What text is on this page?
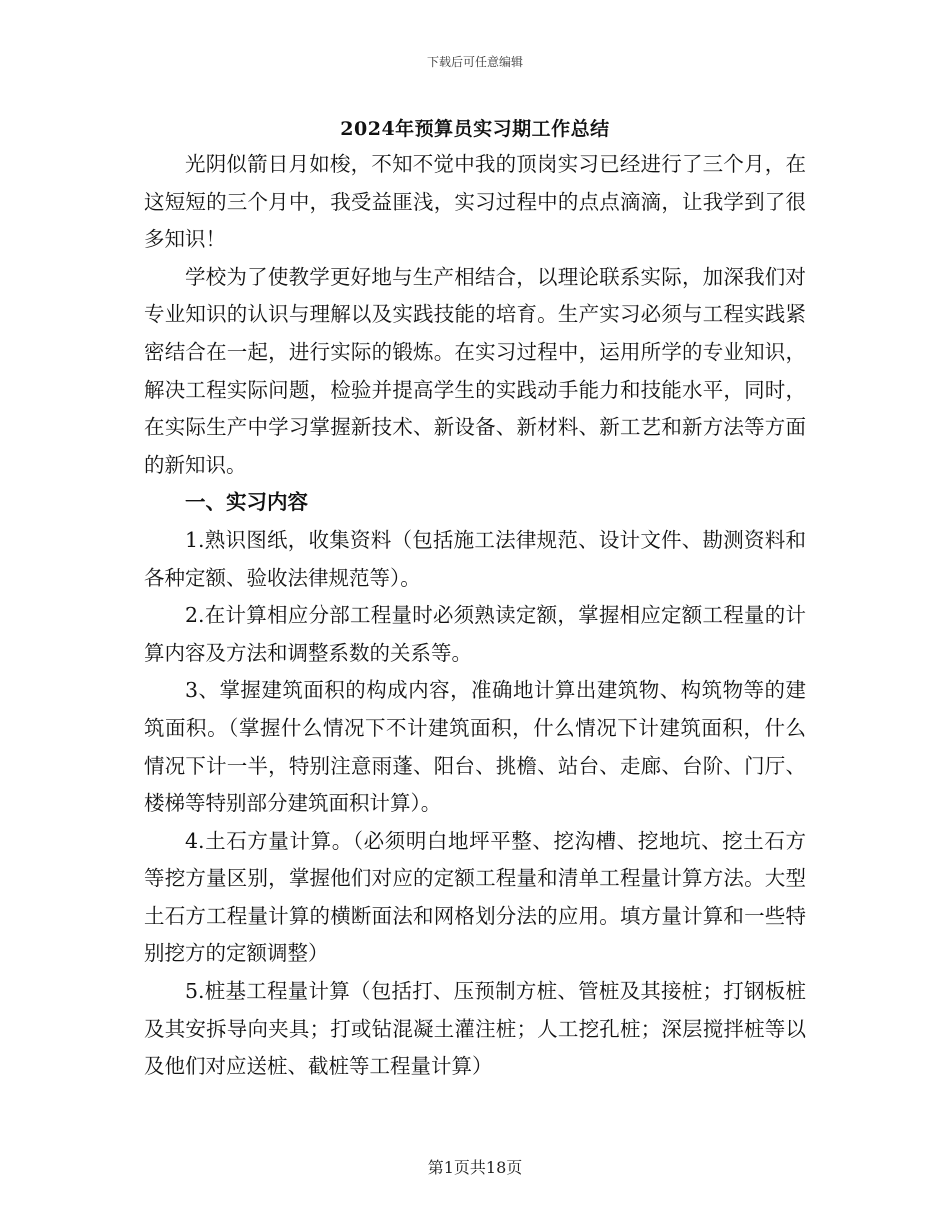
下载后可任意编辑
2024年预算员实习期工作总结

光阴似箭日月如梭，不知不觉中我的顶岗实习已经进行了三个月，在这短短的三个月中，我受益匪浅，实习过程中的点点滴滴，让我学到了很多知识！

学校为了使教学更好地与生产相结合，以理论联系实际，加深我们对专业知识的认识与理解以及实践技能的培育。生产实习必须与工程实践紧密结合在一起，进行实际的锻炼。在实习过程中，运用所学的专业知识，解决工程实际问题，检验并提高学生的实践动手能力和技能水平，同时，在实际生产中学习掌握新技术、新设备、新材料、新工艺和新方法等方面的新知识。

一、实习内容

1.熟识图纸，收集资料（包括施工法律规范、设计文件、勘测资料和各种定额、验收法律规范等）。

2.在计算相应分部工程量时必须熟读定额，掌握相应定额工程量的计算内容及方法和调整系数的关系等。

3、掌握建筑面积的构成内容，准确地计算出建筑物、构筑物等的建筑面积。（掌握什么情况下不计建筑面积，什么情况下计建筑面积，什么情况下计一半，特别注意雨蓬、阳台、挑檐、站台、走廊、台阶、门厅、楼梯等特别部分建筑面积计算）。

4.土石方量计算。（必须明白地坪平整、挖沟槽、挖地坑、挖土石方等挖方量区别，掌握他们对应的定额工程量和清单工程量计算方法。大型土石方工程量计算的横断面法和网格划分法的应用。填方量计算和一些特别挖方的定额调整）

5.桩基工程量计算（包括打、压预制方桩、管桩及其接桩；打钢板桩及其安拆导向夹具；打或钻混凝土灌注桩；人工挖孔桩；深层搅拌桩等以及他们对应送桩、截桩等工程量计算）

第1页共18页
